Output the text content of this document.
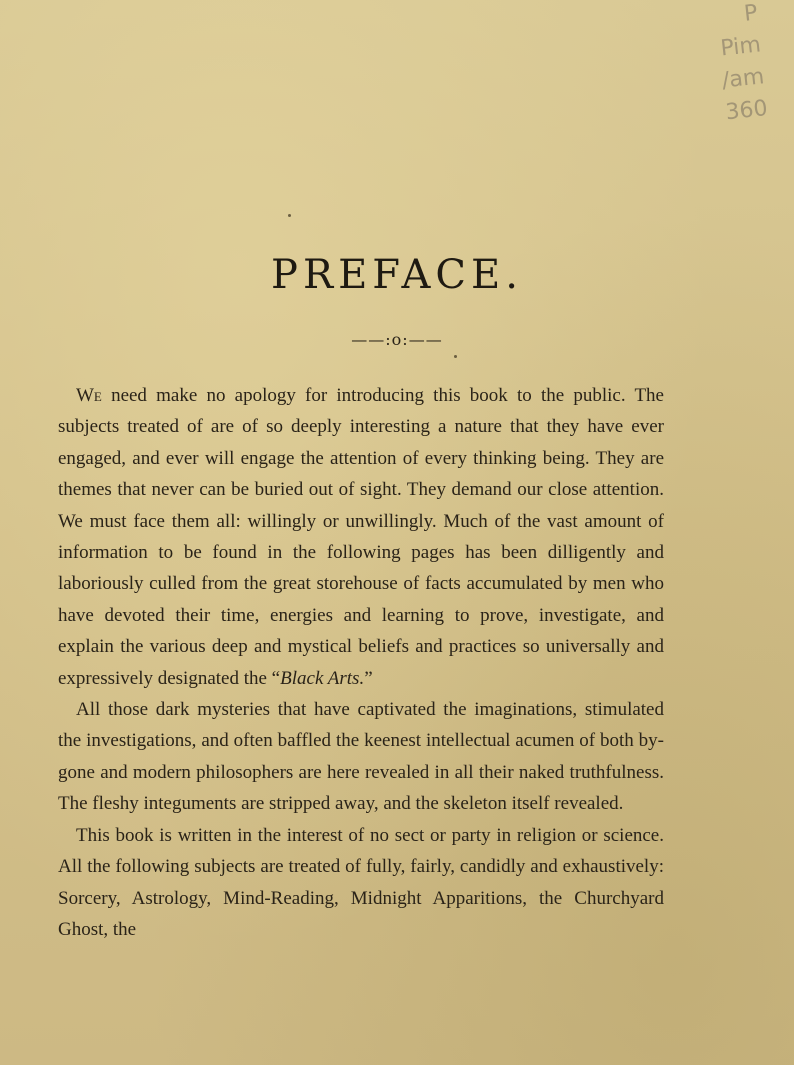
P
Pim
/am
360
PREFACE.
——:o:——

We need make no apology for introducing this book to the public. The subjects treated of are of so deeply interesting a nature that they have ever engaged, and ever will engage the attention of every thinking being. They are themes that never can be buried out of sight. They demand our close attention. We must face them all: willingly or unwillingly. Much of the vast amount of information to be found in the following pages has been dilligently and laboriously culled from the great storehouse of facts accumulated by men who have devoted their time, energies and learning to prove, investigate, and explain the various deep and mystical beliefs and practices so universally and expressively designated the “Black Arts.”

All those dark mysteries that have captivated the imaginations, stimulated the investigations, and often baffled the keenest intellectual acumen of both by-gone and modern philosophers are here revealed in all their naked truthfulness. The fleshy integuments are stripped away, and the skeleton itself revealed.

This book is written in the interest of no sect or party in religion or science. All the following subjects are treated of fully, fairly, candidly and exhaustively: Sorcery, Astrology, Mind-Reading, Midnight Apparitions, the Churchyard Ghost, the
